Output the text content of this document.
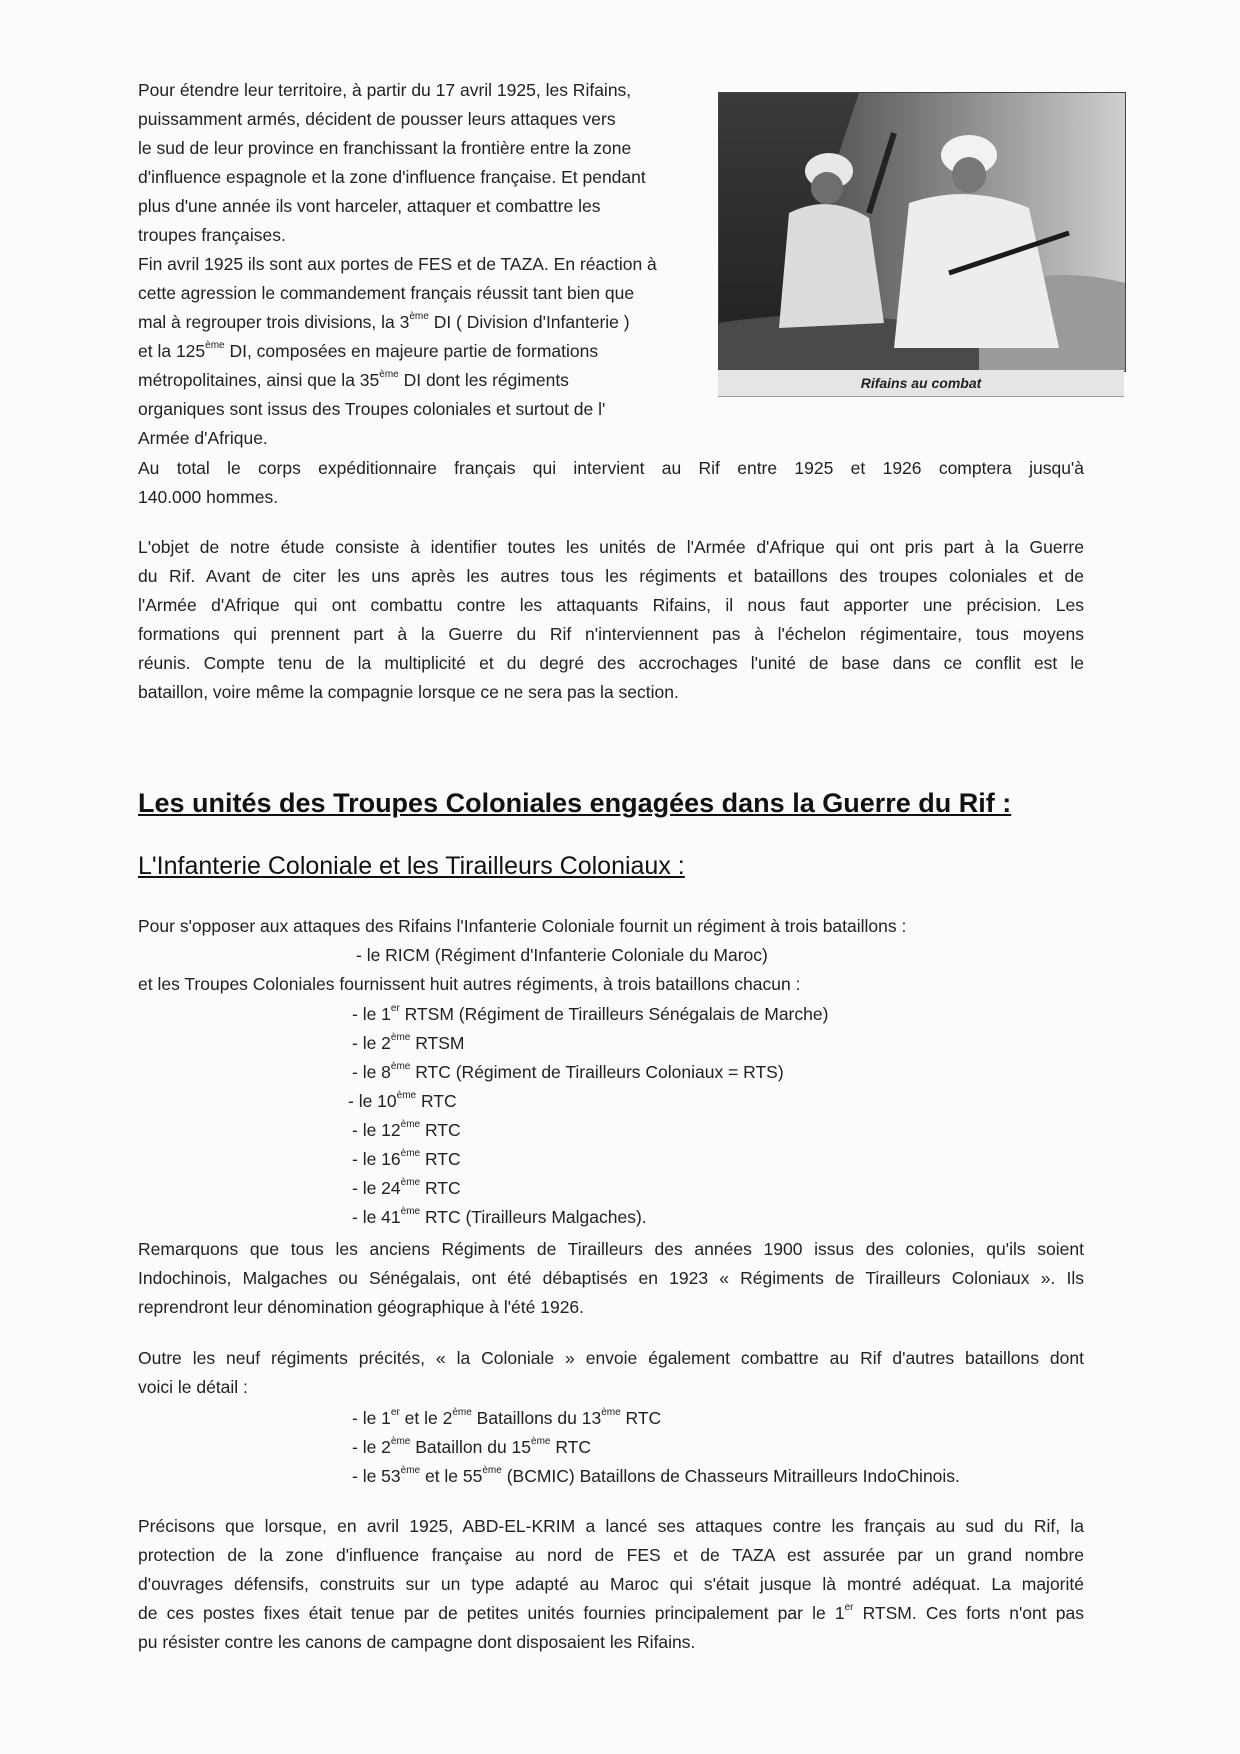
Pour étendre leur territoire, à partir du 17 avril 1925, les Rifains,
puissamment armés, décident de pousser leurs attaques vers
le sud de leur province en franchissant la frontière entre la zone
d'influence espagnole et la zone d'influence française. Et pendant
plus d'une année ils vont harceler, attaquer et combattre les
troupes françaises.

Fin avril 1925 ils sont aux portes de FES et de TAZA. En réaction à
cette agression le commandement français réussit tant bien que
mal à regrouper trois divisions, la 3ème DI ( Division d'Infanterie )
et la 125ème DI, composées en majeure partie de formations
métropolitaines, ainsi que la 35ème DI dont les régiments
organiques sont issus des Troupes coloniales et surtout de l'
Armée d'Afrique.

Rifains au combat

Au total le corps expéditionnaire français qui intervient au Rif entre 1925 et 1926 comptera jusqu'à
140.000 hommes.

L'objet de notre étude consiste à identifier toutes les unités de l'Armée d'Afrique qui ont pris part à la Guerre
du Rif. Avant de citer les uns après les autres tous les régiments et bataillons des troupes coloniales et de
l'Armée d'Afrique qui ont combattu contre les attaquants Rifains, il nous faut apporter une précision. Les
formations qui prennent part à la Guerre du Rif n'interviennent pas à l'échelon régimentaire, tous moyens
réunis. Compte tenu de la multiplicité et du degré des accrochages l'unité de base dans ce conflit est le
bataillon, voire même la compagnie lorsque ce ne sera pas la section.

Les unités des Troupes Coloniales engagées dans la Guerre du Rif :
L'Infanterie Coloniale et les Tirailleurs Coloniaux :

Pour s'opposer aux attaques des Rifains l'Infanterie Coloniale fournit un régiment à trois bataillons :

- le RICM (Régiment d'Infanterie Coloniale du Maroc)

et les Troupes Coloniales fournissent huit autres régiments, à trois bataillons chacun :

- le 1er RTSM (Régiment de Tirailleurs Sénégalais de Marche)
- le 2ème RTSM
- le 8ème RTC (Régiment de Tirailleurs Coloniaux = RTS)
- le 10ème RTC
- le 12ème RTC
- le 16ème RTC
- le 24ème RTC
- le 41ème RTC (Tirailleurs Malgaches).

Remarquons que tous les anciens Régiments de Tirailleurs des années 1900 issus des colonies, qu'ils soient
Indochinois, Malgaches ou Sénégalais, ont été débaptisés en 1923 « Régiments de Tirailleurs Coloniaux ». Ils
reprendront leur dénomination géographique à l'été 1926.

Outre les neuf régiments précités, « la Coloniale » envoie également combattre au Rif d'autres bataillons dont
voici le détail :

- le 1er et le 2ème Bataillons du 13ème RTC
- le 2ème Bataillon du 15ème RTC
- le 53ème et le 55ème (BCMIC) Bataillons de Chasseurs Mitrailleurs IndoChinois.

Précisons que lorsque, en avril 1925, ABD-EL-KRIM a lancé ses attaques contre les français au sud du Rif, la
protection de la zone d'influence française au nord de FES et de TAZA est assurée par un grand nombre
d'ouvrages défensifs, construits sur un type adapté au Maroc qui s'était jusque là montré adéquat. La majorité
de ces postes fixes était tenue par de petites unités fournies principalement par le 1er RTSM. Ces forts n'ont pas
pu résister contre les canons de campagne dont disposaient les Rifains.
